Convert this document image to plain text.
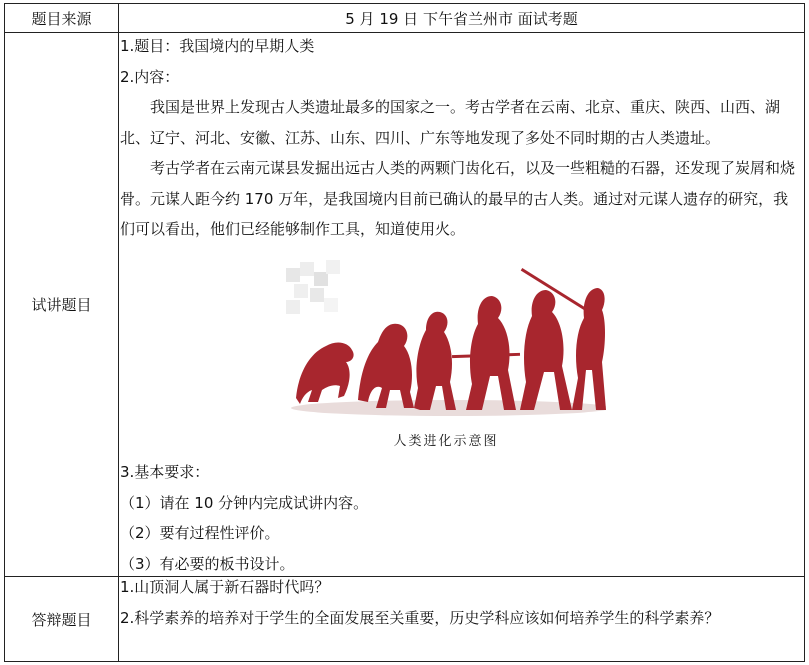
题目来源	5 月 19 日 下午省兰州市 面试考题
试讲题目
答辩题目

1.题目：我国境内的早期人类

2.内容：

我国是世界上发现古人类遗址最多的国家之一。考古学者在云南、北京、重庆、陕西、山西、湖北、辽宁、河北、安徽、江苏、山东、四川、广东等地发现了多处不同时期的古人类遗址。

考古学者在云南元谋县发掘出远古人类的两颗门齿化石，以及一些粗糙的石器，还发现了炭屑和烧骨。元谋人距今约 170 万年，是我国境内目前已确认的最早的古人类。通过对元谋人遗存的研究，我们可以看出，他们已经能够制作工具，知道使用火。

人类进化示意图

3.基本要求：

（1）请在 10 分钟内完成试讲内容。

（2）要有过程性评价。

（3）有必要的板书设计。

1.山顶洞人属于新石器时代吗？

2.科学素养的培养对于学生的全面发展至关重要，历史学科应该如何培养学生的科学素养？
